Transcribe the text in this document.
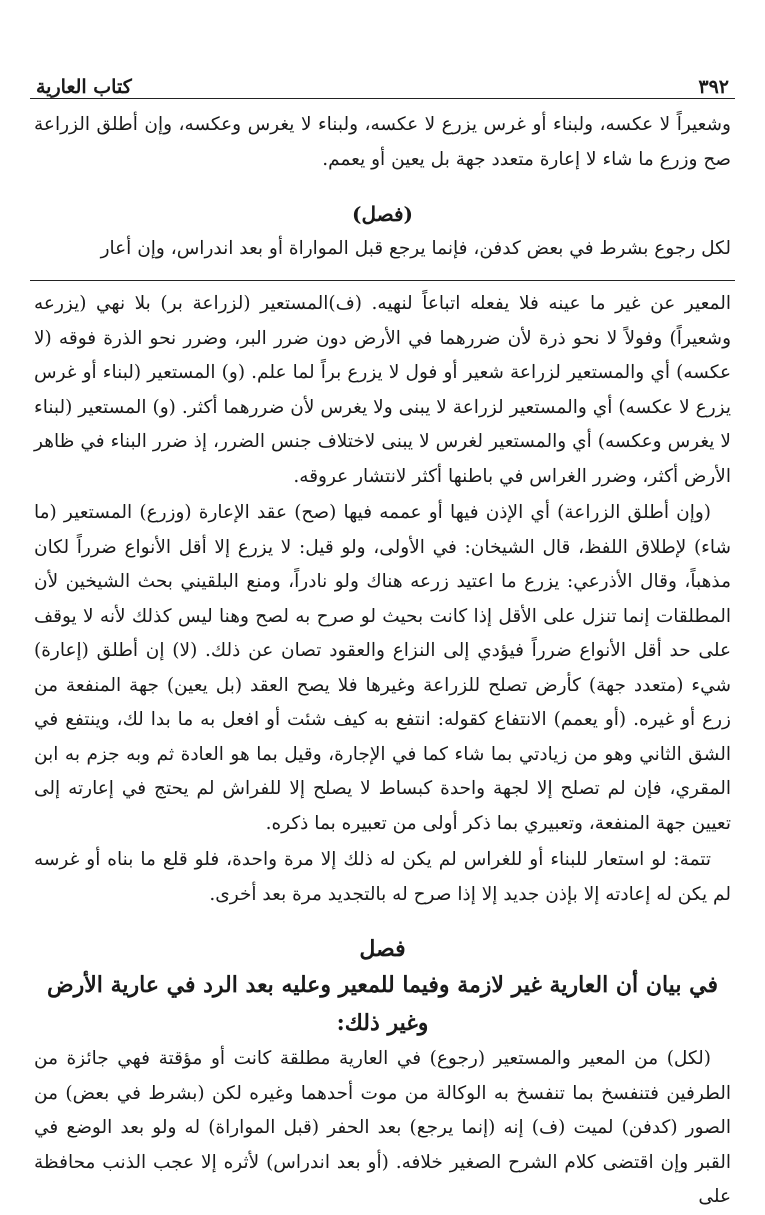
٣٩٢
كتاب العارية
وشعيراً لا عكسه، ولبناء أو غرس يزرع لا عكسه، ولبناء لا يغرس وعكسه، وإن أطلق الزراعة صح وزرع ما شاء لا إعارة متعدد جهة بل يعين أو يعمم.
(فصل)
لكل رجوع بشرط في بعض كدفن، فإنما يرجع قبل المواراة أو بعد اندراس، وإن أعار

المعير عن غير ما عينه فلا يفعله اتباعاً لنهيه. (ف)المستعير (لزراعة بر) بلا نهي (يزرعه وشعيراً) وفولاً لا نحو ذرة لأن ضررهما في الأرض دون ضرر البر، وضرر نحو الذرة فوقه (لا عكسه) أي والمستعير لزراعة شعير أو فول لا يزرع براً لما علم. (و) المستعير (لبناء أو غرس يزرع لا عكسه) أي والمستعير لزراعة لا يبنى ولا يغرس لأن ضررهما أكثر. (و) المستعير (لبناء لا يغرس وعكسه) أي والمستعير لغرس لا يبنى لاختلاف جنس الضرر، إذ ضرر البناء في ظاهر الأرض أكثر، وضرر الغراس في باطنها أكثر لانتشار عروقه.

(وإن أطلق الزراعة) أي الإذن فيها أو عممه فيها (صح) عقد الإعارة (وزرع) المستعير (ما شاء) لإطلاق اللفظ، قال الشيخان: في الأولى، ولو قيل: لا يزرع إلا أقل الأنواع ضرراً لكان مذهباً، وقال الأذرعي: يزرع ما اعتيد زرعه هناك ولو نادراً، ومنع البلقيني بحث الشيخين لأن المطلقات إنما تنزل على الأقل إذا كانت بحيث لو صرح به لصح وهنا ليس كذلك لأنه لا يوقف على حد أقل الأنواع ضرراً فيؤدي إلى النزاع والعقود تصان عن ذلك. (لا) إن أطلق (إعارة) شيء (متعدد جهة) كأرض تصلح للزراعة وغيرها فلا يصح العقد (بل يعين) جهة المنفعة من زرع أو غيره. (أو يعمم) الانتفاع كقوله: انتفع به كيف شئت أو افعل به ما بدا لك، وينتفع في الشق الثاني وهو من زيادتي بما شاء كما في الإجارة، وقيل بما هو العادة ثم وبه جزم به ابن المقري، فإن لم تصلح إلا لجهة واحدة كبساط لا يصلح إلا للفراش لم يحتج في إعارته إلى تعيين جهة المنفعة، وتعبيري بما ذكر أولى من تعبيره بما ذكره.

تتمة: لو استعار للبناء أو للغراس لم يكن له ذلك إلا مرة واحدة، فلو قلع ما بناه أو غرسه لم يكن له إعادته إلا بإذن جديد إلا إذا صرح له بالتجديد مرة بعد أخرى.

فصل
في بيان أن العارية غير لازمة وفيما للمعير وعليه بعد الرد في عارية الأرض وغير ذلك:

(لكل) من المعير والمستعير (رجوع) في العارية مطلقة كانت أو مؤقتة فهي جائزة من الطرفين فتنفسخ بما تنفسخ به الوكالة من موت أحدهما وغيره لكن (بشرط في بعض) من الصور (كدفن) لميت (ف) إنه (إنما يرجع) بعد الحفر (قبل المواراة) له ولو بعد الوضع في القبر وإن اقتضى كلام الشرح الصغير خلافه. (أو بعد اندراس) لأثره إلا عجب الذنب محافظة على
